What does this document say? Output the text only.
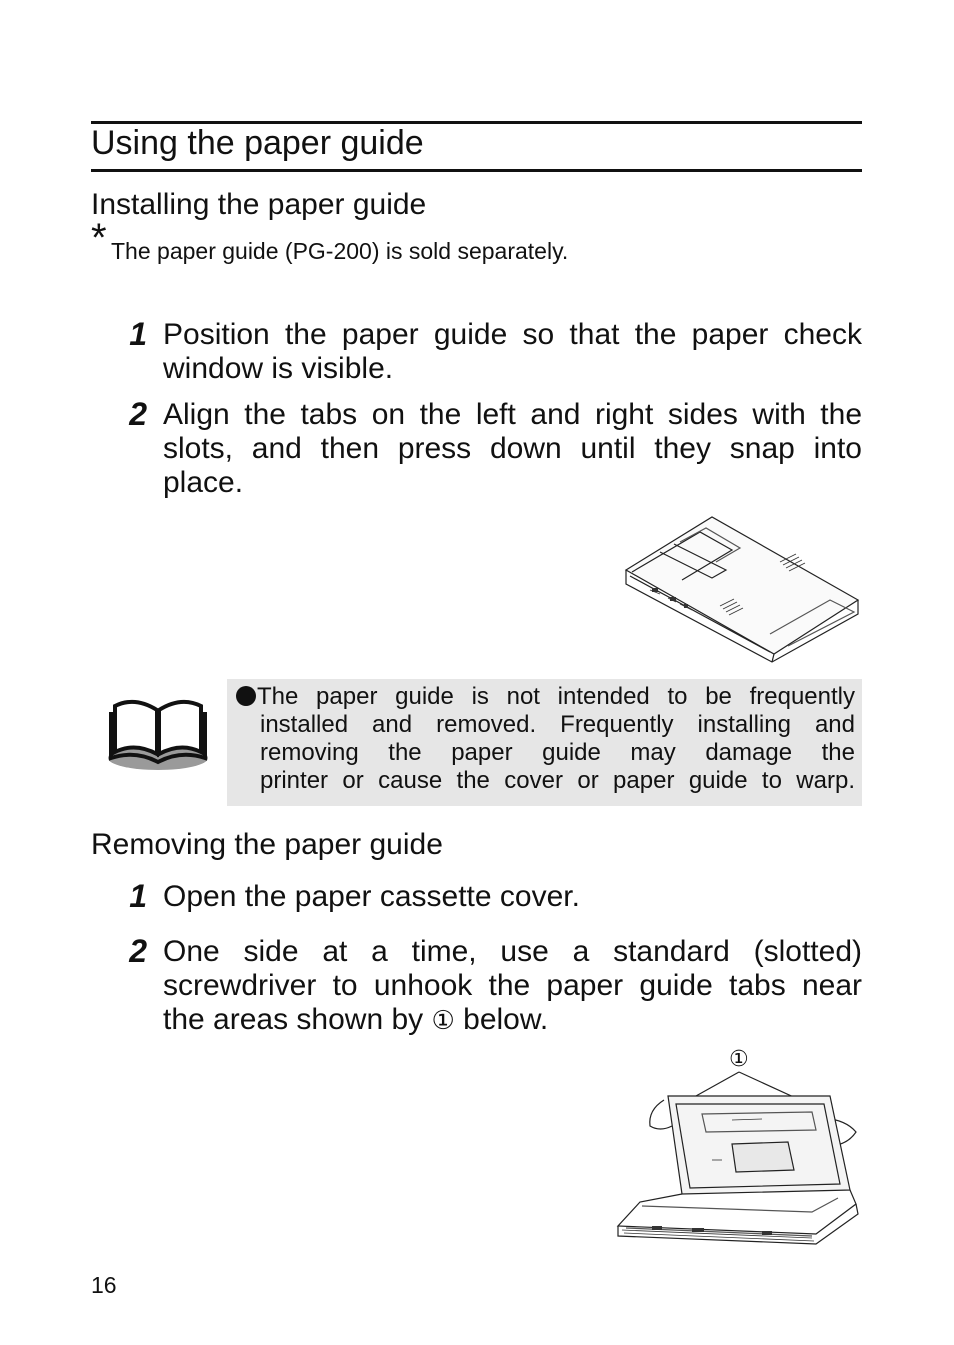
Using the paper guide
Installing the paper guide
* The paper guide (PG-200) is sold separately.
1 Position the paper guide so that the paper check
window is visible.
2 Align the tabs on the left and right sides with the
slots, and then press down until they snap into
place.
The paper guide is not intended to be frequently
installed and removed. Frequently installing and
removing the paper guide may damage the
printer or cause the cover or paper guide to warp.
Removing the paper guide
1 Open the paper cassette cover.
2 One side at a time, use a standard (slotted)
screwdriver to unhook the paper guide tabs near
the areas shown by ① below.
①
16
